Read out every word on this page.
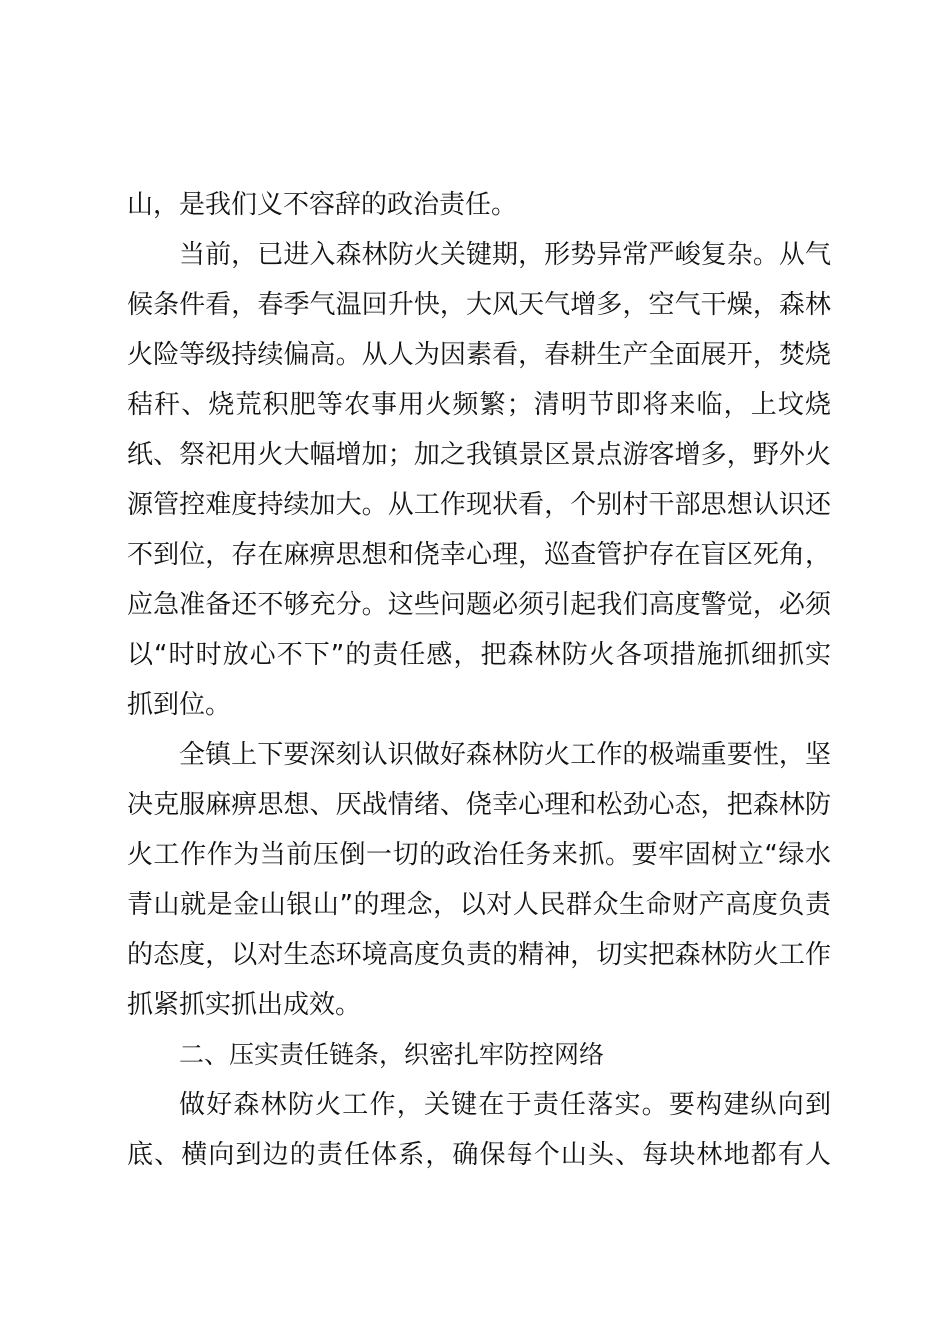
山，是我们义不容辞的政治责任。
当前，已进入森林防火关键期，形势异常严峻复杂。从气
候条件看，春季气温回升快，大风天气增多，空气干燥，森林
火险等级持续偏高。从人为因素看，春耕生产全面展开，焚烧
秸秆、烧荒积肥等农事用火频繁；清明节即将来临，上坟烧
纸、祭祀用火大幅增加；加之我镇景区景点游客增多，野外火
源管控难度持续加大。从工作现状看，个别村干部思想认识还
不到位，存在麻痹思想和侥幸心理，巡查管护存在盲区死角，
应急准备还不够充分。这些问题必须引起我们高度警觉，必须
以“时时放心不下”的责任感，把森林防火各项措施抓细抓实
抓到位。
全镇上下要深刻认识做好森林防火工作的极端重要性，坚
决克服麻痹思想、厌战情绪、侥幸心理和松劲心态，把森林防
火工作作为当前压倒一切的政治任务来抓。要牢固树立“绿水
青山就是金山银山”的理念，以对人民群众生命财产高度负责
的态度，以对生态环境高度负责的精神，切实把森林防火工作
抓紧抓实抓出成效。
二、压实责任链条，织密扎牢防控网络
做好森林防火工作，关键在于责任落实。要构建纵向到
底、横向到边的责任体系，确保每个山头、每块林地都有人
